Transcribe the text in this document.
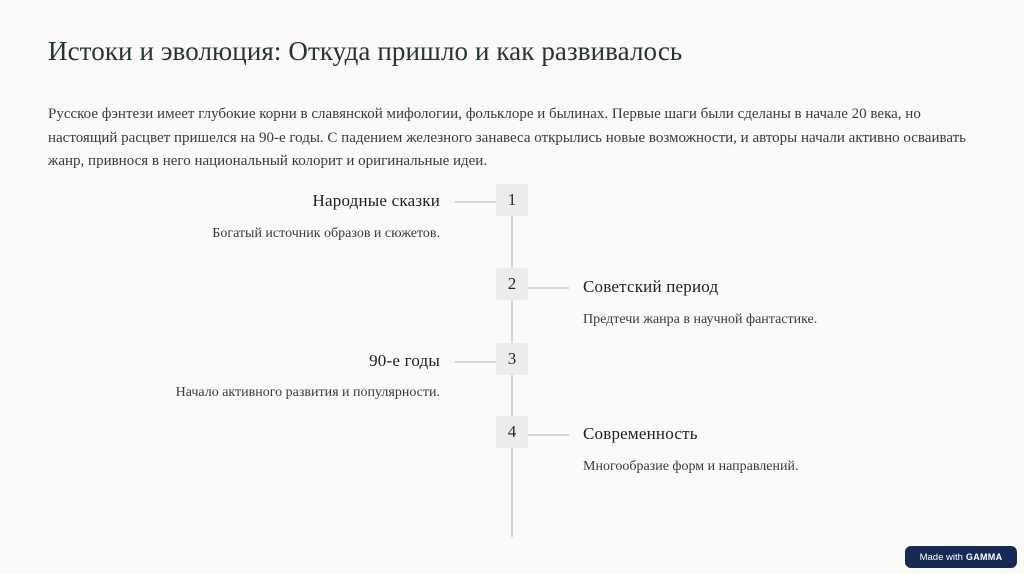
Истоки и эволюция: Откуда пришло и как развивалось

Русское фэнтези имеет глубокие корни в славянской мифологии, фольклоре и былинах. Первые шаги были сделаны в начале 20 века, но настоящий расцвет пришелся на 90-е годы. С падением железного занавеса открылись новые возможности, и авторы начали активно осваивать жанр, привнося в него национальный колорит и оригинальные идеи.

1
Народные сказки
Богатый источник образов и сюжетов.
2	Советский период
Предтечи жанра в научной фантастике.
3
90-е годы
Начало активного развития и популярности.
4	Современность
Многообразие форм и направлений.
Made with GAMMA
